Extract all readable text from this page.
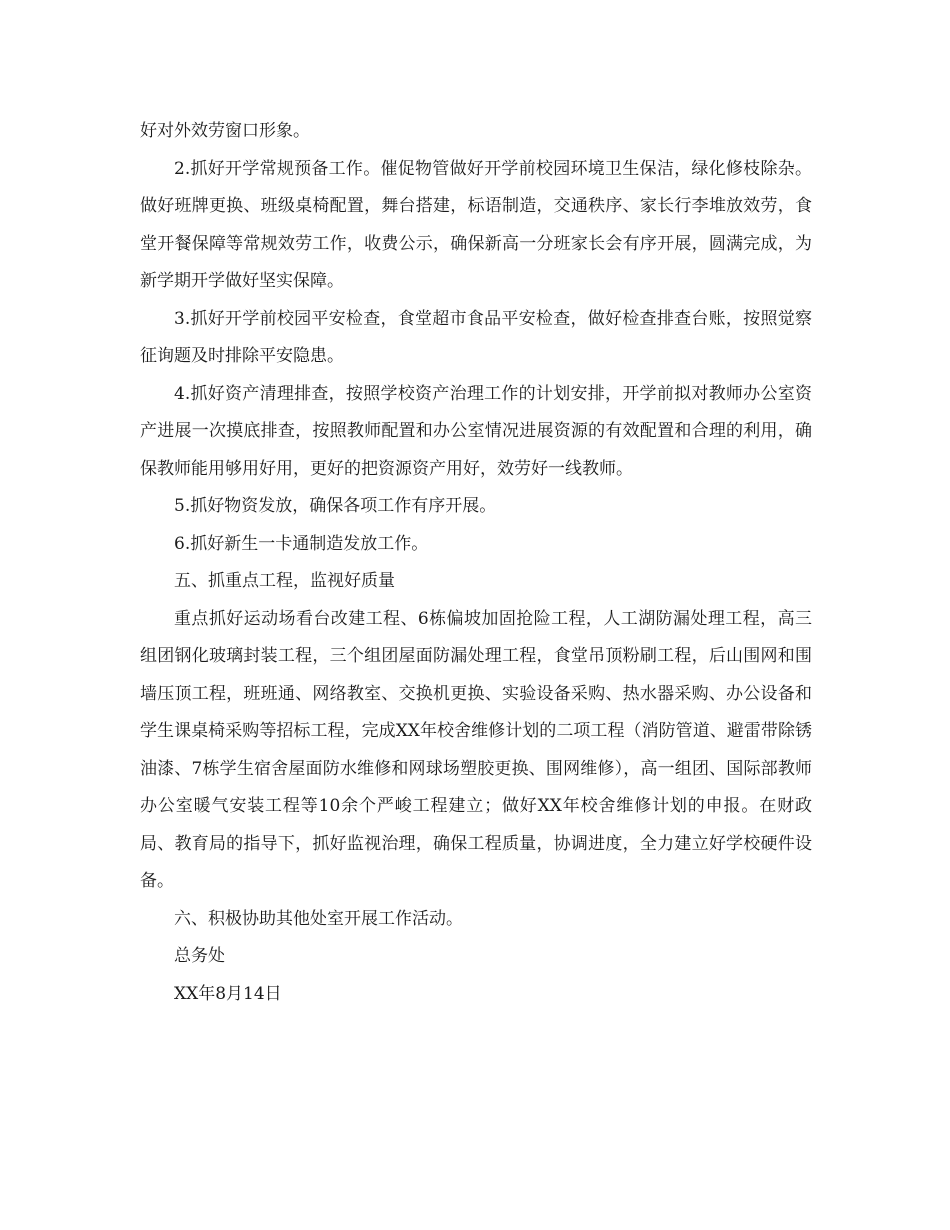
好对外效劳窗口形象。

2.抓好开学常规预备工作。催促物管做好开学前校园环境卫生保洁，绿化修枝除杂。做好班牌更换、班级桌椅配置，舞台搭建，标语制造，交通秩序、家长行李堆放效劳，食堂开餐保障等常规效劳工作，收费公示，确保新高一分班家长会有序开展，圆满完成，为新学期开学做好坚实保障。

3.抓好开学前校园平安检查，食堂超市食品平安检查，做好检查排查台账，按照觉察征询题及时排除平安隐患。

4.抓好资产清理排查，按照学校资产治理工作的计划安排，开学前拟对教师办公室资产进展一次摸底排查，按照教师配置和办公室情况进展资源的有效配置和合理的利用，确保教师能用够用好用，更好的把资源资产用好，效劳好一线教师。

5.抓好物资发放，确保各项工作有序开展。

6.抓好新生一卡通制造发放工作。

五、抓重点工程，监视好质量

重点抓好运动场看台改建工程、6栋偏坡加固抢险工程，人工湖防漏处理工程，高三组团钢化玻璃封装工程，三个组团屋面防漏处理工程，食堂吊顶粉刷工程，后山围网和围墙压顶工程，班班通、网络教室、交换机更换、实验设备采购、热水器采购、办公设备和学生课桌椅采购等招标工程，完成XX年校舍维修计划的二项工程（消防管道、避雷带除锈油漆、7栋学生宿舍屋面防水维修和网球场塑胶更换、围网维修），高一组团、国际部教师办公室暖气安装工程等10余个严峻工程建立；做好XX年校舍维修计划的申报。在财政局、教育局的指导下，抓好监视治理，确保工程质量，协调进度，全力建立好学校硬件设备。

六、积极协助其他处室开展工作活动。

总务处

XX年8月14日
